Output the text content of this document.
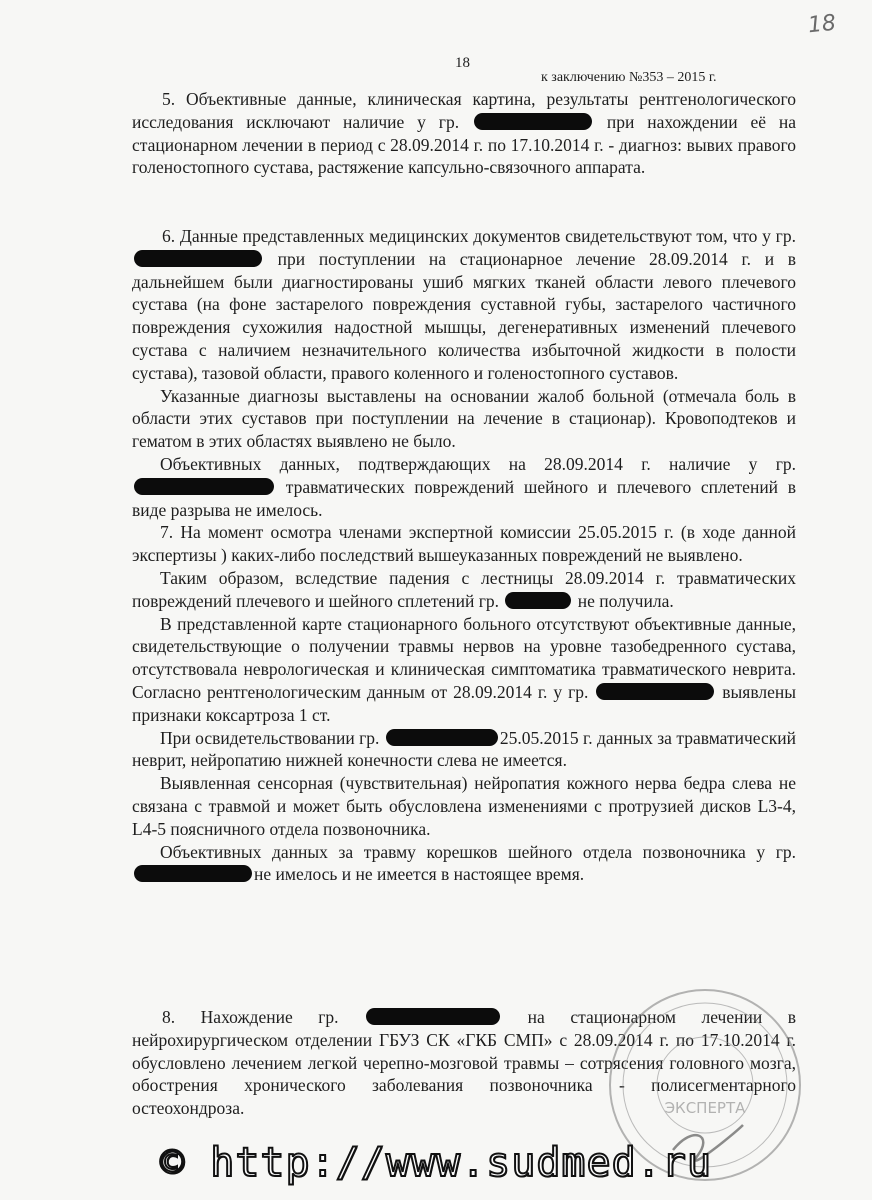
18
18
к заключению №353 – 2015 г.

5. Объективные данные, клиническая картина, результаты рентгенологического исследования исключают наличие у гр.	при нахождении её на стационарном лечении в период с 28.09.2014 г. по 17.10.2014 г. - диагноз: вывих правого голеностопного сустава, растяжение капсульно-связочного аппарата.

6. Данные представленных медицинских документов свидетельствуют том, что у гр.  при поступлении на стационарное лечение 28.09.2014 г. и в дальнейшем были диагностированы ушиб мягких тканей области левого плечевого сустава (на фоне застарелого повреждения суставной губы, застарелого частичного повреждения сухожилия надостной мышцы, дегенеративных изменений плечевого сустава с наличием незначительного количества избыточной жидкости в полости сустава), тазовой области, правого коленного и голеностопного суставов.

Указанные диагнозы выставлены на основании жалоб больной (отмечала боль в области этих суставов при поступлении на лечение в стационар). Кровоподтеков и гематом в этих областях выявлено не было.

Объективных данных, подтверждающих на 28.09.2014 г. наличие у гр.  травматических повреждений шейного и плечевого сплетений в виде разрыва не имелось.

7. На момент осмотра членами экспертной комиссии 25.05.2015 г. (в ходе данной экспертизы ) каких-либо последствий вышеуказанных повреждений не выявлено.

Таким образом, вследствие падения с лестницы 28.09.2014 г. травматических повреждений плечевого и шейного сплетений гр.	не получила.

В представленной карте стационарного больного отсутствуют объективные данные, свидетельствующие о получении травмы нервов на уровне тазобедренного сустава, отсутствовала неврологическая и клиническая симптоматика травматического неврита. Согласно рентгенологическим данным от 28.09.2014 г. у гр.	выявлены признаки коксартроза 1 ст.

При освидетельствовании гр.	25.05.2015 г. данных за травматический неврит, нейропатию нижней конечности слева не имеется.

Выявленная сенсорная (чувствительная) нейропатия кожного нерва бедра слева не связана с травмой и может быть обусловлена изменениями с протрузией дисков L3-4, L4-5 поясничного отдела позвоночника.

Объективных данных за травму корешков шейного отдела позвоночника у гр. не имелось и не имеется в настоящее время.

8. Нахождение гр.	на стационарном лечении в нейрохирургическом отделении ГБУЗ СК «ГКБ СМП» с 28.09.2014 г. по 17.10.2014 г. обусловлено лечением легкой черепно-мозговой травмы – сотрясения головного мозга, обострения хронического заболевания позвоночника - полисегментарного остеохондроза.	ЭКСПЕРТА
© http://www.sudmed.ru
